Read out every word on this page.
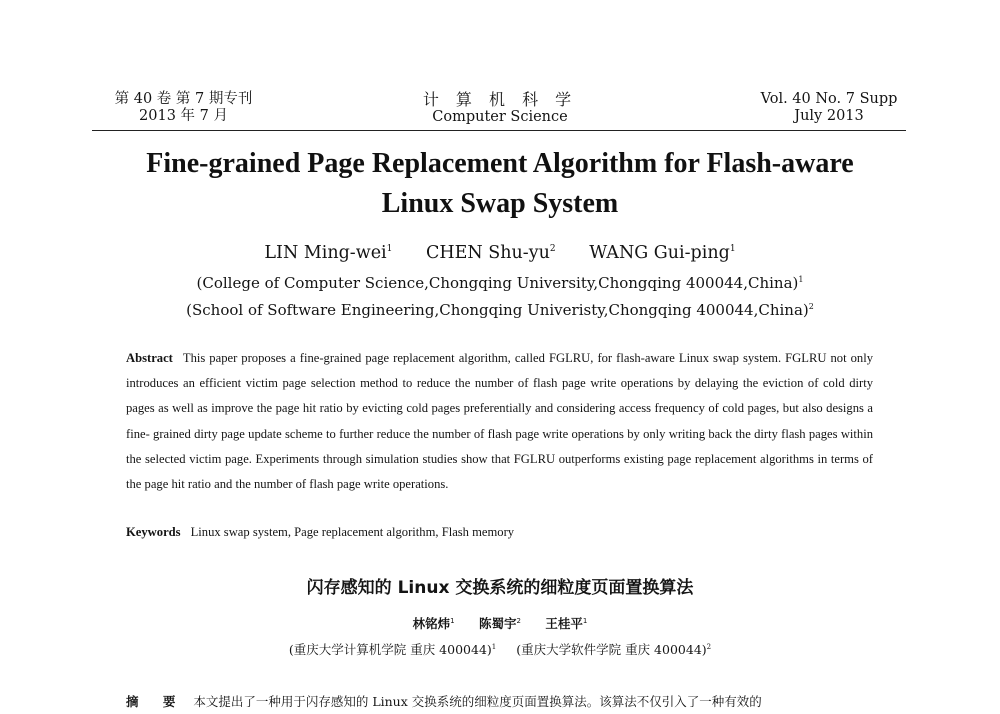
第 40 卷 第 7 期专刊
2013 年 7 月
计 算 机 科 学
Computer Science
Vol. 40 No. 7 Supp
July 2013
Fine-grained Page Replacement Algorithm for Flash-aware
Linux Swap System
LIN Ming-wei$^1$ CHEN Shu-$yu^2$ WANG Gui-ping$^1$
(College of Computer Science,Chongqing University,Chongqing 400044,China)$^1$
(School of Software Engineering,Chongqing Univeristy,Chongqing 400044,China)$^2$
Abstract This paper proposes a fine-grained page replacement algorithm, called FGLRU, for flash-aware Linux swap system. FGLRU not only introduces an efficient victim page selection method to reduce the number of flash page write operations by delaying the eviction of cold dirty pages as well as improve the page hit ratio by evicting cold pages preferentially and considering access frequency of cold pages, but also designs a fine- grained dirty page update scheme to further reduce the number of flash page write operations by only writing back the dirty flash pages within the selected victim page. Experiments through simulation studies show that FGLRU outperforms existing page replacement algorithms in terms of the page hit ratio and the number of flash page write operations.
Keywords Linux swap system, Page replacement algorithm, Flash memory
闪存感知的 Linux 交换系统的细粒度页面置换算法
林铭炜$^1$ 陈蜀宇$^2$ 王桂平$^1$
(重庆大学计算机学院 重庆 400044)$^1$ (重庆大学软件学院 重庆 400044)$^2$
摘 要 本文提出了一种用于闪存感知的 Linux 交换系统的细粒度页面置换算法。该算法不仅引入了一种有效的
